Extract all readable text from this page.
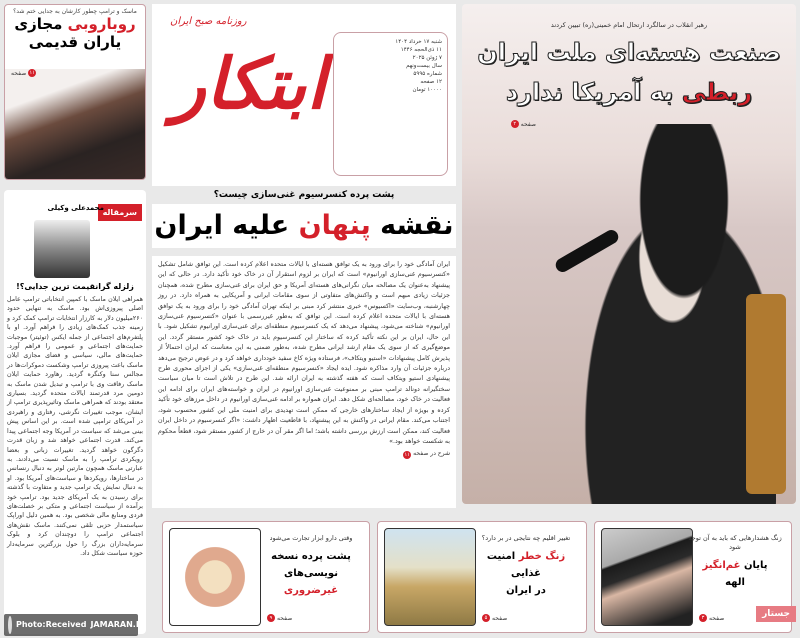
ماسک و ترامپ چطور کارشان به جدایی ختم شد؟
روباروبی مجازی
یاران قدیمی
۱۱
صفحه
سرمقاله
محمدعلی وکیلی
زلزله گرانقیمت ترین جدایی؟!
همراهی ایلان ماسک با کمپین انتخاباتی ترامپ عامل اصلی پیروزی‌اش بود. ماسک به تنهایی حدود ۲۶۰میلیون دلار به کارزار انتخابات ترامپ کمک کرد و زمینه جذب کمک‌های زیادی را فراهم آورد. او با پلتفرم‌های اجتماعی از جمله ایکس (توئیتر) موجبات حمایت‌های اجتماعی و عمومی را فراهم آورد. حمایت‌های مالی، سیاسی و فضای مجازی ایلان ماسک باعث پیروزی ترامپ وشکست دموکرات‌ها در مجالس سنا وکنگره گردید. رهاورد حمایت ایلان ماسک رفاقت وی با ترامپ و تبدیل شدن ماسک به دومین مرد قدرتمند ایالات متحده گردید. بسیاری معتقد بودند که همراهی ماسک وتاثیرپذیری ترامپ از ایشان، موجب تغییرات نگرشی، رفتاری و راهبردی در آمریکای ترامپی شده است. بر این اساس پیش بینی می‌شد که سیاست در آمریکا وجه اجتماعی پیدا می‌کند. قدرت اجتماعی خواهد شد و زبان قدرت دگرگون خواهد گردید. تغییرات زبانی و بعضا رویکردی ترامپ را به ماسک نسبت می‌دادند. به عبارتی ماسک همچون مارتین لوتر به دنبال رنسانس در ساختارها، رویکردها و سیاست‌های آمریکا بود. او به دنبال نمایش یک ترامپ جدید و متفاوت با گذشته برای رسیدن به یک آمریکای جدید بود. ترامپ خود برآمده از سیاست اجتماعی و متکی بر خصلت‌های فردی ومنابع مالی شخصی بود. به همین دلیل اوراپک سیاستمدار حزبی تلقی نمی‌کنند. ماسک نقش‌های اجتماعی ترامپ را دوچندان کرد و بلوک سرمایه‌داران بزرگ را حول بزرگترین سرمایه‌دار حوزه سیاست شکل داد.
ابتکار
روزنامه صبح ایران
شنبه ۱۷ خرداد ۱۴۰۴
۱۱ ذی‌الحجه ۱۴۴۶
۷ ژوئن ۲۰۲۵
سال بیست‌ونهم
شماره ۵۹۹۵
۱۲ صفحه
۱۰۰۰۰ تومان
پشت پرده کنسرسیوم غنی‌سازی چیست؟
نقشه پنهان علیه ایران
ایران آمادگی خود را برای ورود به یک توافق هسته‌ای با ایالات متحده اعلام کرده است. این توافق شامل تشکیل «کنسرسیوم غنی‌سازی اورانیوم» است که ایران بر لزوم استقرار آن در خاک خود تأکید دارد. در حالی که این پیشنهاد به‌عنوان یک مصالحه میان نگرانی‌های هسته‌ای آمریکا و حق ایران برای غنی‌سازی مطرح شده، همچنان جزئیات زیادی مبهم است و واکنش‌های متفاوتی از سوی مقامات ایرانی و آمریکایی به همراه دارد. در روز چهارشنبه، وب‌سایت «اکسیوس» خبری منتشر کرد مبنی بر اینکه تهران آمادگی خود را برای ورود به یک توافق هسته‌ای با ایالات متحده اعلام کرده است. این توافق که به‌طور غیررسمی با عنوان «کنسرسیوم غنی‌سازی اورانیوم» شناخته می‌شود، پیشنهاد می‌دهد که یک کنسرسیوم منطقه‌ای برای غنی‌سازی اورانیوم تشکیل شود. با این حال، ایران بر این نکته تأکید کرده که ساختار این کنسرسیوم باید در خاک خود کشور مستقر گردد. این موضع‌گیری که از سوی یک مقام ارشد ایرانی مطرح شده، به‌طور ضمنی به این معناست که ایران احتمالاً از پذیرش کامل پیشنهادات «استیو ویتکاف»، فرستاده ویژه کاخ سفید خودداری خواهد کرد و در عوض ترجیح می‌دهد درباره جزئیات آن وارد مذاکره شود. ایده ایجاد «کنسرسیوم منطقه‌ای غنی‌سازی» یکی از اجزای محوری طرح پیشنهادی استیو ویتکاف است که هفته گذشته به ایران ارائه شد. این طرح در تلاش است تا میان سیاست سختگیرانه دونالد ترامپ مبنی بر ممنوعیت غنی‌سازی اورانیوم در ایران و خواسته‌های ایران برای ادامه این فعالیت در خاک خود، مصالحه‌ای شکل دهد. ایران همواره بر ادامه غنی‌سازی اورانیوم در داخل مرزهای خود تأکید کرده و بویژه از ایجاد ساختارهای خارجی که ممکن است تهدیدی برای امنیت ملی این کشور محسوب شود، اجتناب می‌کند. مقام ایرانی در واکنش به این پیشنهاد، با قاطعیت اظهار داشت: «اگر کنسرسیوم در داخل ایران فعالیت کند، ممکن است ارزش بررسی داشته باشد؛ اما اگر مقر آن در خارج از کشور مستقر شود، قطعاً محکوم به شکست خواهد بود.»
شرح در صفحه
۱۱
رهبر انقلاب در سالگرد ارتحال امام خمینی(ره) تبیین کردند
صنعت هسته‌ای ملت ایران
ربطی به آمریکا ندارد
صفحه
۲
زنگ هشدارهایی که باید به آن توجه شود
پایان غم‌انگیز
الهه
صفحه
۳
تغییر اقلیم چه نتایجی در بر دارد؟
زنگ خطر امنیت غذایی
در ایران
صفحه
۵
وقتی دارو ابزار تجارت می‌شود
پشت پرده نسخه
نویسی‌های غیرضروری
صفحه
۹	جستار
Photo:Received JAMARAN.IR
